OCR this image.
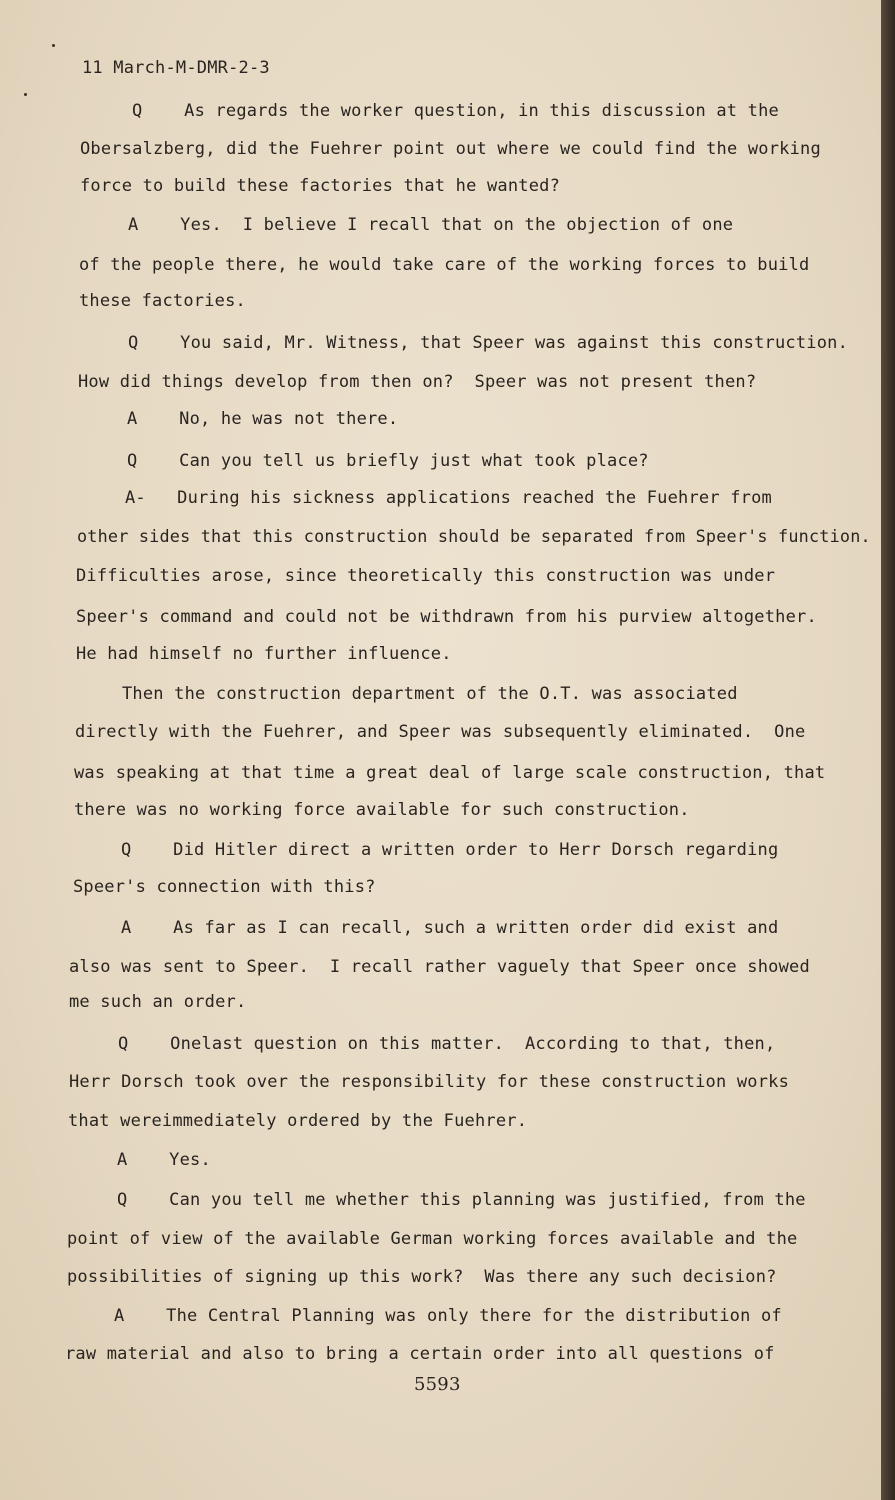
11 March-M-DMR-2-3
Q    As regards the worker question, in this discussion at the
Obersalzberg, did the Fuehrer point out where we could find the working
force to build these factories that he wanted?
A    Yes.  I believe I recall that on the objection of one
of the people there, he would take care of the working forces to build
these factories.
Q    You said, Mr. Witness, that Speer was against this construction.
How did things develop from then on?  Speer was not present then?
A    No, he was not there.
Q    Can you tell us briefly just what took place?
A-   During his sickness applications reached the Fuehrer from
other sides that this construction should be separated from Speer's function.
Difficulties arose, since theoretically this construction was under
Speer's command and could not be withdrawn from his purview altogether.
He had himself no further influence.
Then the construction department of the O.T. was associated
directly with the Fuehrer, and Speer was subsequently eliminated.  One
was speaking at that time a great deal of large scale construction, that
there was no working force available for such construction.
Q    Did Hitler direct a written order to Herr Dorsch regarding
Speer's connection with this?
A    As far as I can recall, such a written order did exist and
also was sent to Speer.  I recall rather vaguely that Speer once showed
me such an order.
Q    Onelast question on this matter.  According to that, then,
Herr Dorsch took over the responsibility for these construction works
that wereimmediately ordered by the Fuehrer.
A    Yes.
Q    Can you tell me whether this planning was justified, from the
point of view of the available German working forces available and the
possibilities of signing up this work?  Was there any such decision?
A    The Central Planning was only there for the distribution of
raw material and also to bring a certain order into all questions of
5593
